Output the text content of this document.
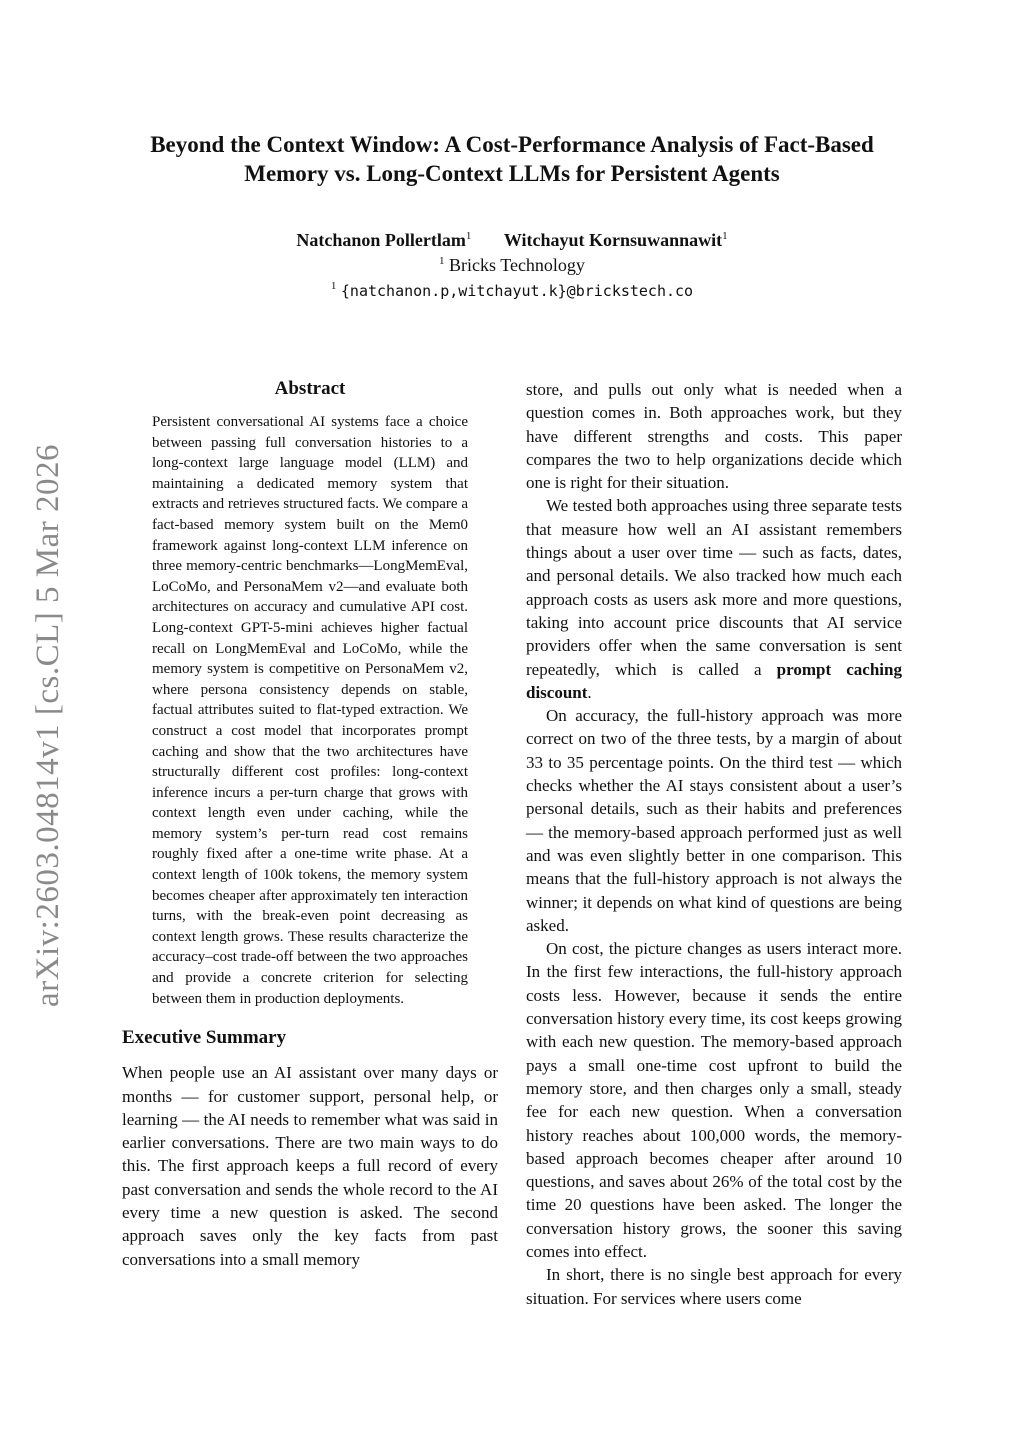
arXiv:2603.04814v1 [cs.CL] 5 Mar 2026
Beyond the Context Window: A Cost-Performance Analysis of Fact-Based
Memory vs. Long-Context LLMs for Persistent Agents
Natchanon Pollertlam$^1$ Witchayut Kornsuwannawit$^1$
$^1$ Bricks Technology
$^1$ {natchanon.p,witchayut.k}@brickstech.co
Abstract

Persistent conversational AI systems face a choice between passing full conversation histories to a long-context large language model (LLM) and maintaining a dedicated memory system that extracts and retrieves structured facts. We compare a fact-based memory system built on the Mem0 framework against long-context LLM inference on three memory-centric benchmarks—LongMemEval, LoCoMo, and PersonaMem v2—and evaluate both architectures on accuracy and cumulative API cost. Long-context GPT-5-mini achieves higher factual recall on LongMemEval and LoCoMo, while the memory system is competitive on PersonaMem v2, where persona consistency depends on stable, factual attributes suited to flat-typed extraction. We construct a cost model that incorporates prompt caching and show that the two architectures have structurally different cost profiles: long-context inference incurs a per-turn charge that grows with context length even under caching, while the memory system’s per-turn read cost remains roughly fixed after a one-time write phase. At a context length of 100k tokens, the memory system becomes cheaper after approximately ten interaction turns, with the break-even point decreasing as context length grows. These results characterize the accuracy–cost trade-off between the two approaches and provide a concrete criterion for selecting between them in production deployments.

Executive Summary

When people use an AI assistant over many days or months — for customer support, personal help, or learning — the AI needs to remember what was said in earlier conversations. There are two main ways to do this. The first approach keeps a full record of every past conversation and sends the whole record to the AI every time a new question is asked. The second approach saves only the key facts from past conversations into a small memory

store, and pulls out only what is needed when a question comes in. Both approaches work, but they have different strengths and costs. This paper compares the two to help organizations decide which one is right for their situation.

We tested both approaches using three separate tests that measure how well an AI assistant remembers things about a user over time — such as facts, dates, and personal details. We also tracked how much each approach costs as users ask more and more questions, taking into account price discounts that AI service providers offer when the same conversation is sent repeatedly, which is called a prompt caching discount.

On accuracy, the full-history approach was more correct on two of the three tests, by a margin of about 33 to 35 percentage points. On the third test — which checks whether the AI stays consistent about a user’s personal details, such as their habits and preferences — the memory-based approach performed just as well and was even slightly better in one comparison. This means that the full-history approach is not always the winner; it depends on what kind of questions are being asked.

On cost, the picture changes as users interact more. In the first few interactions, the full-history approach costs less. However, because it sends the entire conversation history every time, its cost keeps growing with each new question. The memory-based approach pays a small one-time cost upfront to build the memory store, and then charges only a small, steady fee for each new question. When a conversation history reaches about 100,000 words, the memory-based approach becomes cheaper after around 10 questions, and saves about 26% of the total cost by the time 20 questions have been asked. The longer the conversation history grows, the sooner this saving comes into effect.

In short, there is no single best approach for every situation. For services where users come
